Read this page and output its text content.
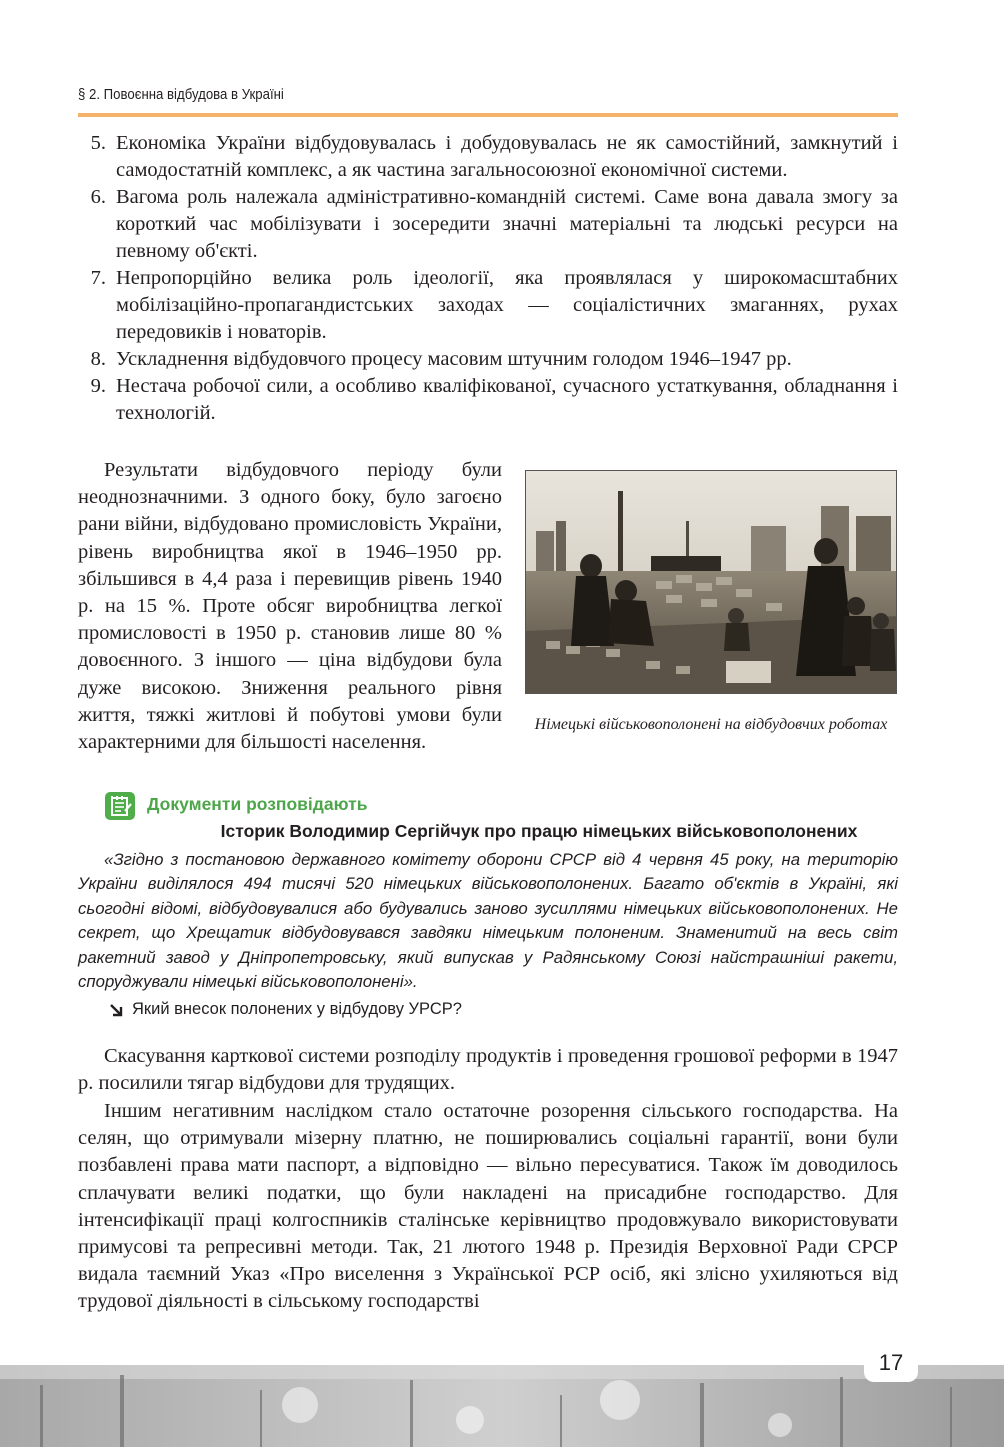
§ 2. Повоєнна відбудова в Україні
5. Економіка України відбудовувалась і добудовувалась не як самостійний, замкнутий і самодостатній комплекс, а як частина загальносоюзної економічної системи.
6. Вагома роль належала адміністративно-командній системі. Саме вона давала змогу за короткий час мобілізувати і зосередити значні матеріальні та людські ресурси на певному об'єкті.
7. Непропорційно велика роль ідеології, яка проявлялася у широкомасштабних мобілізаційно-пропагандистських заходах — соціалістичних змаганнях, рухах передовиків і новаторів.
8. Ускладнення відбудовчого процесу масовим штучним голодом 1946–1947 рр.
9. Нестача робочої сили, а особливо кваліфікованої, сучасного устаткування, обладнання і технологій.

Результати відбудовчого періоду були неоднозначними. З одного боку, було загоєно рани війни, відбудовано промисловість України, рівень виробництва якої в 1946–1950 рр. збільшився в 4,4 раза і перевищив рівень 1940 р. на 15 %. Проте обсяг виробництва легкої промисловості в 1950 р. становив лише 80 % довоєнного. З іншого — ціна відбудови була дуже високою. Зниження реального рівня життя, тяжкі житлові й побутові умови були характерними для більшості населення.

Німецькі військовополонені на відбудовчих роботах
Документи розповідають
Історик Володимир Сергійчук про працю німецьких військовополонених

«Згідно з постановою державного комітету оборони СРСР від 4 червня 45 року, на територію України виділялося 494 тисячі 520 німецьких військовополонених. Багато об'єктів в Україні, які сьогодні відомі, відбудовувалися або будувались заново зусиллями німецьких військовополонених. Не секрет, що Хрещатик відбудовувався завдяки німецьким полоненим. Знаменитий на весь світ ракетний завод у Дніпропетровську, який випускав у Радянському Союзі найстрашніші ракети, споруджували німецькі військовополонені».

Який внесок полонених у відбудову УРСР?

Скасування карткової системи розподілу продуктів і проведення грошової реформи в 1947 р. посилили тягар відбудови для трудящих.

Іншим негативним наслідком стало остаточне розорення сільського господарства. На селян, що отримували мізерну платню, не поширювались соціальні гарантії, вони були позбавлені права мати паспорт, а відповідно — вільно пересуватися. Також їм доводилось сплачувати великі податки, що були накладені на присадибне господарство. Для інтенсифікації праці колгоспників сталінське керівництво продовжувало використовувати примусові та репресивні методи. Так, 21 лютого 1948 р. Президія Верховної Ради СРСР видала таємний Указ «Про виселення з Української РСР осіб, які злісно ухиляються від трудової діяльності в сільському господарстві

17
